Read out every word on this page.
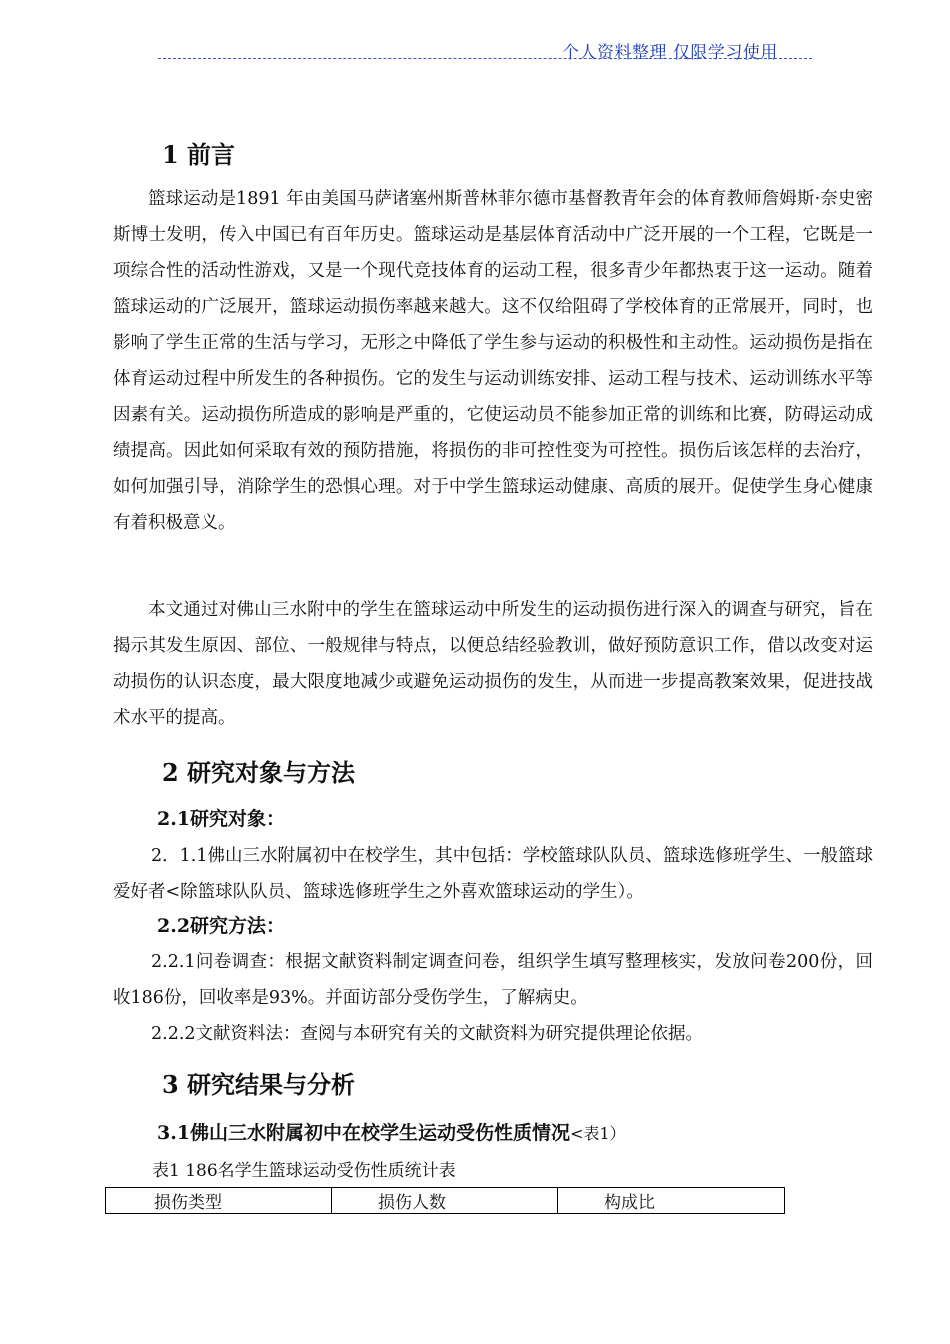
个人资料整理 仅限学习使用
1 前言

篮球运动是1891 年由美国马萨诸塞州斯普林菲尔德市基督教青年会的体育教师詹姆斯·奈史密斯博士发明，传入中国已有百年历史。篮球运动是基层体育活动中广泛开展的一个工程，它既是一项综合性的活动性游戏，又是一个现代竞技体育的运动工程，很多青少年都热衷于这一运动。随着篮球运动的广泛展开，篮球运动损伤率越来越大。这不仅给阻碍了学校体育的正常展开，同时，也影响了学生正常的生活与学习，无形之中降低了学生参与运动的积极性和主动性。运动损伤是指在体育运动过程中所发生的各种损伤。它的发生与运动训练安排、运动工程与技术、运动训练水平等因素有关。运动损伤所造成的影响是严重的，它使运动员不能参加正常的训练和比赛，防碍运动成绩提高。因此如何采取有效的预防措施，将损伤的非可控性变为可控性。损伤后该怎样的去治疗，如何加强引导，消除学生的恐惧心理。对于中学生篮球运动健康、高质的展开。促使学生身心健康有着积极意义。

本文通过对佛山三水附中的学生在篮球运动中所发生的运动损伤进行深入的调查与研究，旨在揭示其发生原因、部位、一般规律与特点，以便总结经验教训，做好预防意识工作，借以改变对运动损伤的认识态度，最大限度地减少或避免运动损伤的发生，从而进一步提高教案效果，促进技战术水平的提高。

2 研究对象与方法
2.1研究对象：

2．1.1佛山三水附属初中在校学生，其中包括：学校篮球队队员、篮球选修班学生、一般篮球爱好者<除篮球队队员、篮球选修班学生之外喜欢篮球运动的学生）。

2.2研究方法：

2.2.1问卷调查：根据文献资料制定调查问卷，组织学生填写整理核实，发放问卷200份，回收186份，回收率是93%。并面访部分受伤学生，了解病史。

2.2.2文献资料法：查阅与本研究有关的文献资料为研究提供理论依据。

3 研究结果与分析
3.1佛山三水附属初中在校学生运动受伤性质情况<表1）
表1 186名学生篮球运动受伤性质统计表
损伤类型	损伤人数	构成比
